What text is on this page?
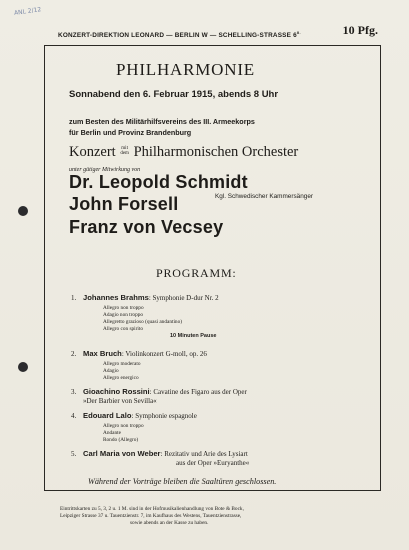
ANL 2/12
KONZERT-DIREKTION LEONARD — BERLIN W — SCHELLING-STRASSE $6^{II.}$	10 Pfg.
PHILHARMONIE
Sonnabend den 6. Februar 1915, abends 8 Uhr
zum Besten des Militärhilfsvereins des III. Armeekorps
für Berlin und Provinz Brandenburg
Konzert mit
dem Philharmonischen Orchester
unter gütiger Mitwirkung von
Dr. Leopold Schmidt
John Forsell	Kgl. Schwedischer Kammersänger
Franz von Vecsey
PROGRAMM:
1. Johannes Brahms: Symphonie D-dur Nr. 2
Allegro non troppo
Adagio non troppo
Allegretto grazioso (quasi andantino)
Allegro con spirito
10 Minuten Pause
2. Max Bruch: Violinkonzert G-moll, op. 26
Allegro moderato
Adagio
Allegro energico
3. Gioachino Rossini: Cavatine des Figaro aus der Oper
»Der Barbier von Sevilla«
4. Edouard Lalo: Symphonie espagnole
Allegro non troppo
Andante
Rondo (Allegro)
5. Carl Maria von Weber: Rezitativ und Arie des Lysiart
aus der Oper »Euryanthe«
Während der Vorträge bleiben die Saaltüren geschlossen.
Eintrittskarten zu 5, 3, 2 u. 1 M. sind in der Hofmusikalienhandlung von Bote & Bock,
Leipziger Strasse 37 u. Tauentzienstr. 7, im Kaufhaus des Westens, Tauentzienstrasse,
sowie abends an der Kasse zu haben.
